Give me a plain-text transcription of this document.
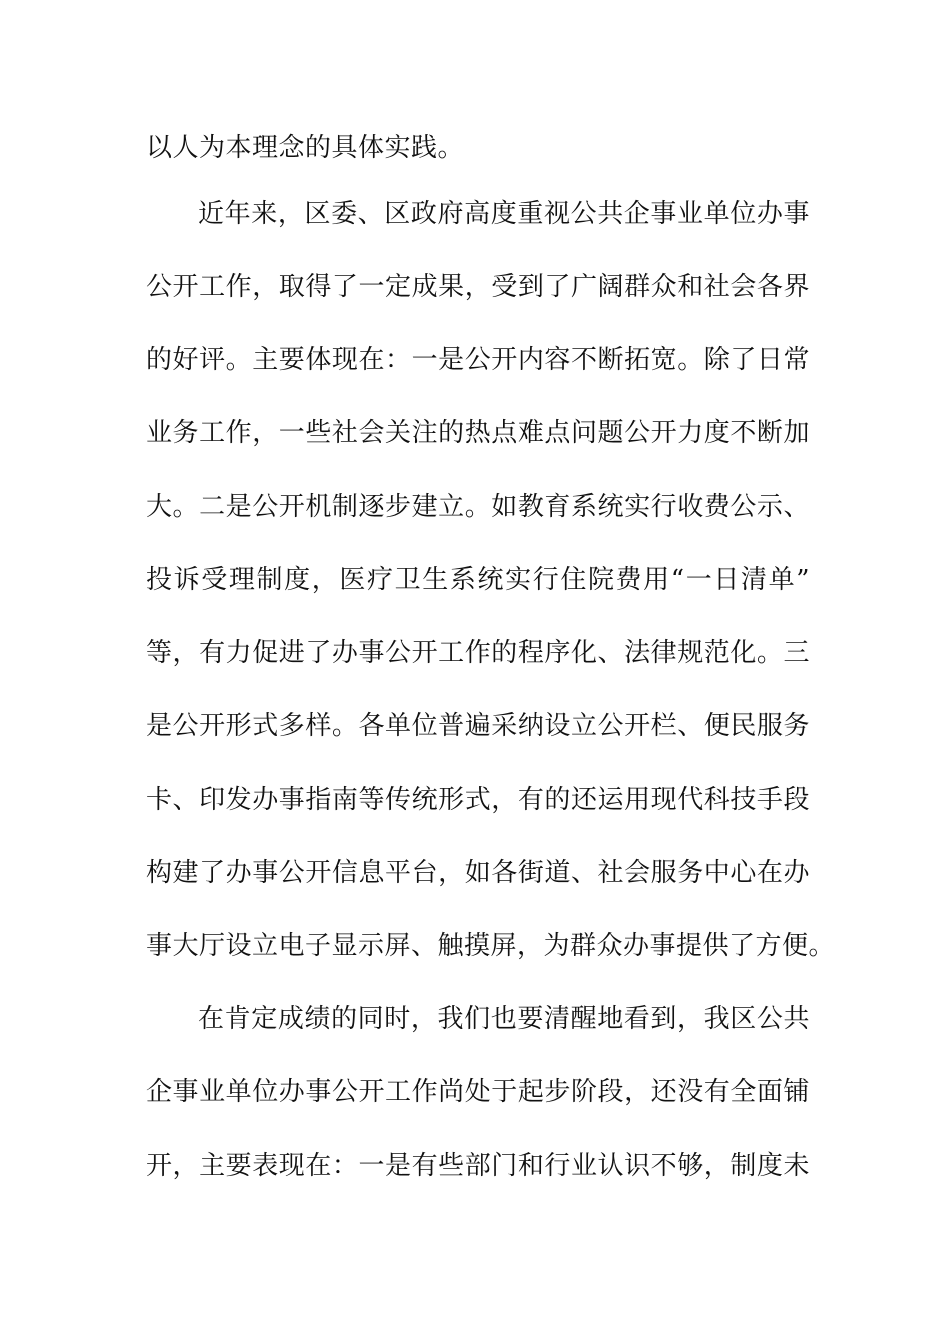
以人为本理念的具体实践。
近年来，区委、区政府高度重视公共企事业单位办事
公开工作，取得了一定成果，受到了广阔群众和社会各界
的好评。主要体现在：一是公开内容不断拓宽。除了日常
业务工作，一些社会关注的热点难点问题公开力度不断加
大。二是公开机制逐步建立。如教育系统实行收费公示、
投诉受理制度，医疗卫生系统实行住院费用“一日清单”
等，有力促进了办事公开工作的程序化、法律规范化。三
是公开形式多样。各单位普遍采纳设立公开栏、便民服务
卡、印发办事指南等传统形式，有的还运用现代科技手段
构建了办事公开信息平台，如各街道、社会服务中心在办
事大厅设立电子显示屏、触摸屏，为群众办事提供了方便。
在肯定成绩的同时，我们也要清醒地看到，我区公共
企事业单位办事公开工作尚处于起步阶段，还没有全面铺
开，主要表现在：一是有些部门和行业认识不够，制度未
